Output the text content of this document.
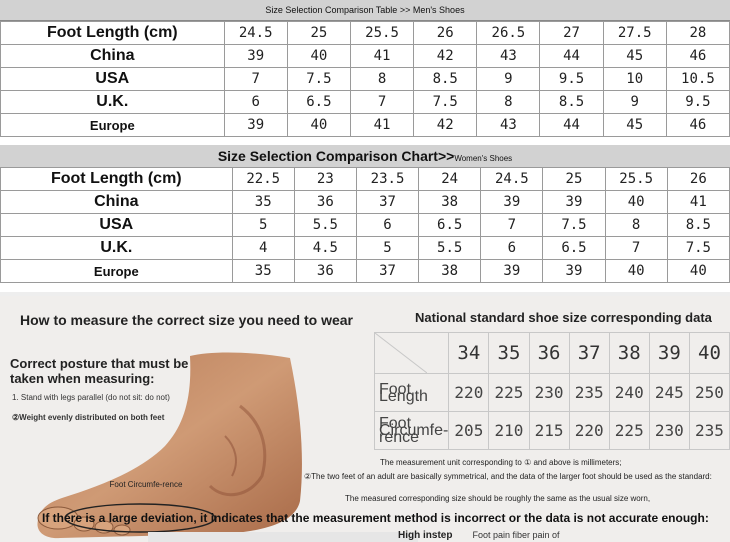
Size Selection Comparison Table >> Men's Shoes
Foot Length (cm)	24.5	25	25.5	26	26.5	27	27.5	28
China	39	40	41	42	43	44	45	46
USA	7	7.5	8	8.5	9	9.5	10	10.5
U.K.	6	6.5	7	7.5	8	8.5	9	9.5
Europe	39	40	41	42	43	44	45	46
Size Selection Comparison Chart>>Women's Shoes
Foot Length (cm)	22.5	23	23.5	24	24.5	25	25.5	26
China	35	36	37	38	39	39	40	41
USA	5	5.5	6	6.5	7	7.5	8	8.5
U.K.	4	4.5	5	5.5	6	6.5	7	7.5
Europe	35	36	37	38	39	39	40	40
How to measure the correct size you need to wear	National standard shoe size corresponding data
Correct posture that must be taken when measuring:
1. Stand with legs parallel (do not sit: do not)
②Weight evenly distributed on both feet
Foot Circumfe-rence
	34	35	36	37	38	39	40
Foot Length	220	225	230	235	240	245	250
Foot Circumfe-rence	205	210	215	220	225	230	235
The measurement unit corresponding to ① and above is millimeters;
②The two feet of an adult are basically symmetrical, and the data of the larger foot should be used as the standard:
The measured corresponding size should be roughly the same as the usual size worn,
If there is a large deviation, it indicates that the measurement method is incorrect or the data is not accurate enough:
High instep Foot pain fiber pain of
